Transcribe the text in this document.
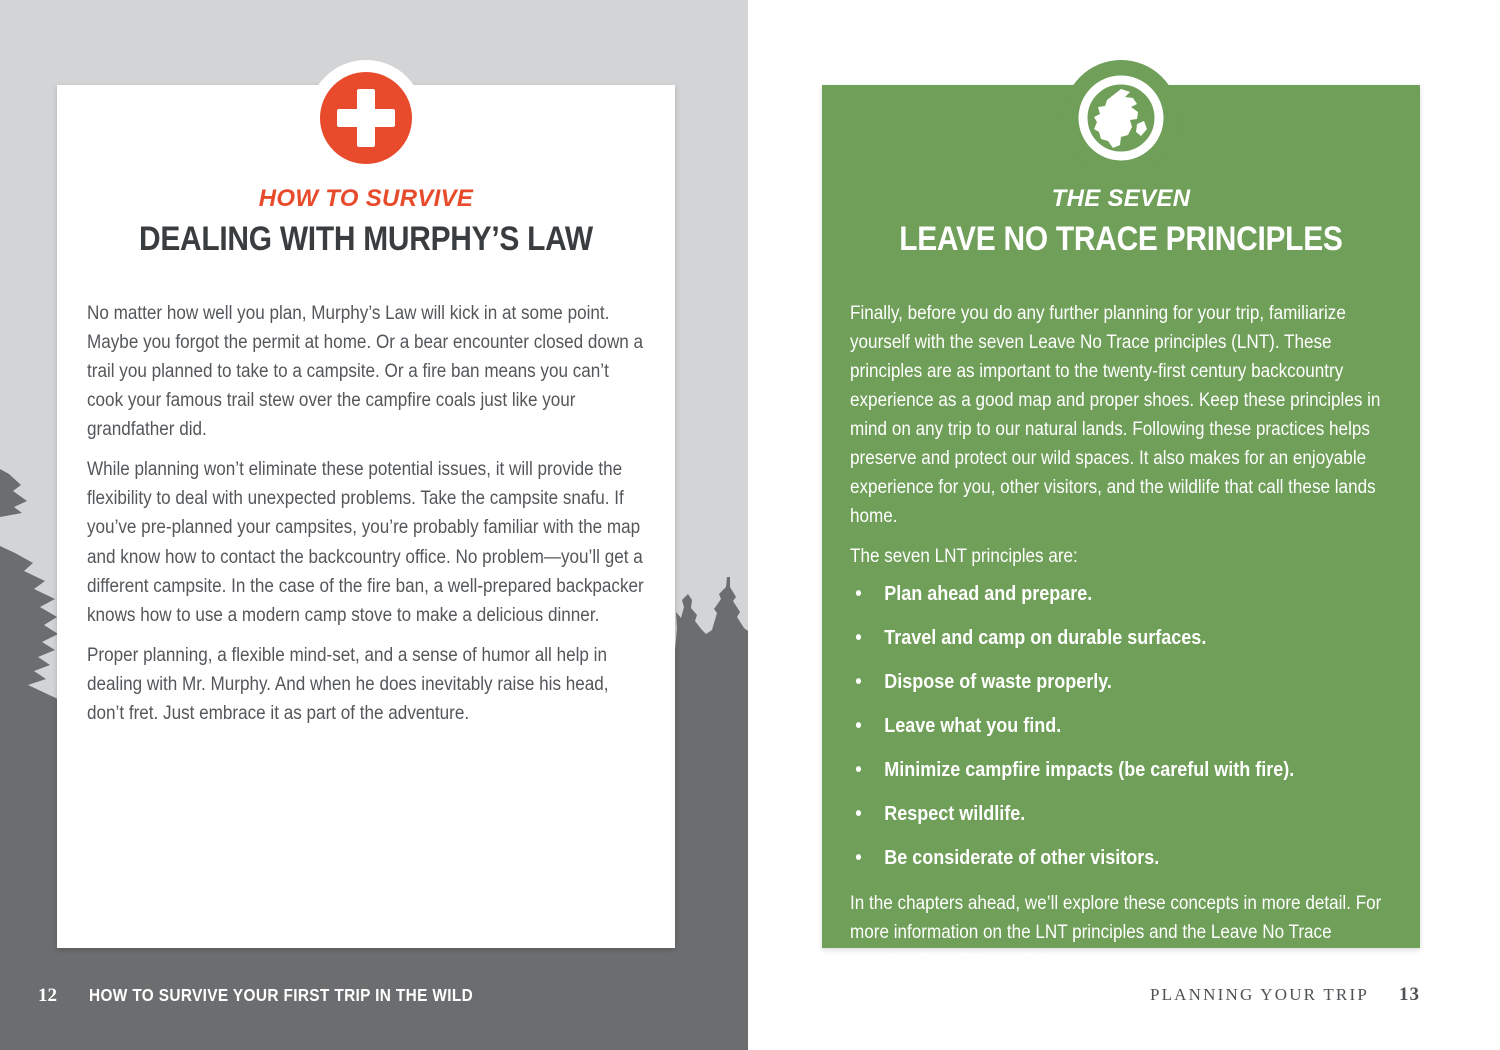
HOW TO SURVIVE
DEALING WITH MURPHY’S LAW

No matter how well you plan, Murphy’s Law will kick in at some point. Maybe you forgot the permit at home. Or a bear encounter closed down a trail you planned to take to a campsite. Or a fire ban means you can’t cook your famous trail stew over the campfire coals just like your grandfather did.

While planning won’t eliminate these potential issues, it will provide the flexibility to deal with unexpected problems. Take the campsite snafu. If you’ve pre-planned your campsites, you’re probably familiar with the map and know how to contact the backcountry office. No problem—you’ll get a different campsite. In the case of the fire ban, a well-prepared backpacker knows how to use a modern camp stove to make a delicious dinner.

Proper planning, a flexible mind-set, and a sense of humor all help in dealing with Mr. Murphy. And when he does inevitably raise his head, don’t fret. Just embrace it as part of the adventure.

12 HOW TO SURVIVE YOUR FIRST TRIP IN THE WILD
THE SEVEN
LEAVE NO TRACE PRINCIPLES

Finally, before you do any further planning for your trip, familiarize yourself with the seven Leave No Trace principles (LNT). These principles are as important to the twenty-first century backcountry experience as a good map and proper shoes. Keep these principles in mind on any trip to our natural lands. Following these practices helps preserve and protect our wild spaces. It also makes for an enjoyable experience for you, other visitors, and the wildlife that call these lands home.

The seven LNT principles are:

•	Plan ahead and prepare.
•	Travel and camp on durable surfaces.
•	Dispose of waste properly.
•	Leave what you find.
•	Minimize campfire impacts (be careful with fire).
•	Respect wildlife.
•	Be considerate of other visitors.

In the chapters ahead, we’ll explore these concepts in more detail. For more information on the LNT principles and the Leave No Trace organization, visit www.lnt.org.

PLANNING YOUR TRIP 13
